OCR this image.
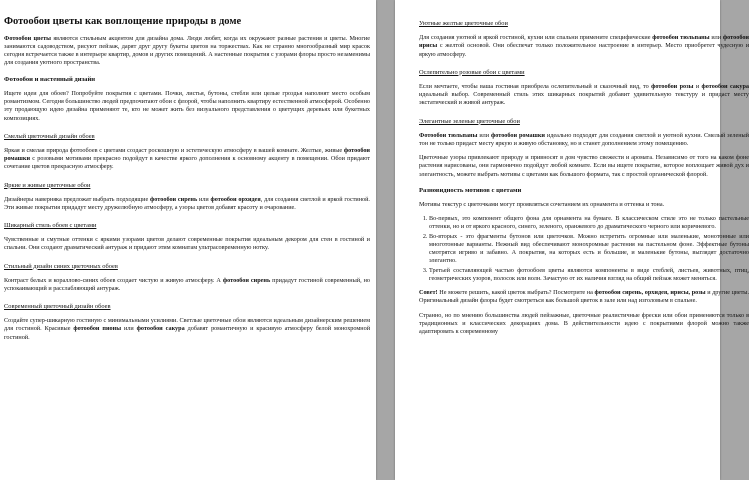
Фотообои цветы как воплощение природы в доме

Фотообои цветы являются стильным акцентом для дизайна дома. Люди любят, когда их окружают разные растения и цветы. Многие занимаются садоводством, рисуют пейзаж, дарят друг другу букеты цветов на торжествах. Как не странно многообразный мир красок сегодня встречается также в интерьере квартир, домов и других помещений. А настенные покрытия с узорами флоры просто незаменимы для создания уютного пространства.

Фотообои и настенный дизайн

Ищете идеи для обоев? Попробуйте покрытия с цветами. Почки, листья, бутоны, стебли или целые гроздья наполнят место особым романтизмом. Сегодня большинство людей предпочитают обои с флорой, чтобы наполнить квартиру естественной атмосферой. Особенно эту продающую идею дизайна применяют те, кто не может жить без визуального представления о цветущих деревьях или букетных композициях.

Смелый цветочный дизайн обоев

Яркая и смелая природа фотообоев с цветами создаст роскошную и эстетическую атмосферу в вашей комнате. Желтые, живые фотообои ромашки с розовыми мотивами прекрасно подойдут в качестве яркого дополнения к основному акценту в помещении. Обои придают сочетание цветов прекрасную атмосферу.

Яркие и живые цветочные обои

Дизайнеры наверняка предложат выбрать подходящие фотообои сирень или фотообои орхидея, для создания светлой и яркой гостиной. Эти живые покрытия придадут месту дружелюбную атмосферу, а узоры цветов добавят красоту и очарование.

Шикарный стиль обоев с цветами

Чувственные и смутные оттенки с яркими узорами цветов делают современные покрытия идеальным декором для стен в гостиной и спальни. Они создают драматический антураж и придают этим комнатам ультрасовременную нотку.

Стильный дизайн синих цветочных обоев

Контраст белых и кораллово-синих обоев создает чистую и живую атмосферу. А фотообои сирень придадут гостиной современный, но успокаивающий и расслабляющий антураж.

Современный цветочный дизайн обоев

Создайте супер-шикарную гостиную с минимальными усилиями. Светлые цветочные обои являются идеальным дизайнерским решением для гостиной. Красивые фотообои пионы или фотообои сакура добавят романтичную и красивую атмосферу белой монохромной гостиной.

Уютные желтые цветочные обои

Для создания уютной и яркой гостиной, кухни или спальни примените специфические фотообои тюльпаны или фотообои ирисы с желтой основой. Они обеспечат только положительное настроение в интерьер. Место приобретет чудесную и яркую атмосферу.

Ослепительно розовые обои с цветами

Если мечтаете, чтобы ваша гостиная приобрела ослепительный и сказочный вид, то фотообои розы и фотообои сакура идеальный выбор. Современный стиль этих шикарных покрытий добавит удивительную текстуру и придаст месту экстатический и живой антураж.

Элегантные зеленые цветочные обои

Фотообои тюльпаны или фотообои ромашки идеально подходят для создания светлой и уютной кухни. Смелый зеленый тон не только придаст месту яркую и живую обстановку, но и станет дополнением этому помещению.

Цветочные узоры привлекают природу и привносят в дом чувство свежести и аромата. Независимо от того на каком фоне растения нарисованы, они гармонично подойдут любой комнате. Если вы ищете покрытие, которое воплощает живой дух и элегантность, можете выбрать мотивы с цветами как большого формата, так с простой органической флорой.

Разновидность мотивов с цветами

Мотивы текстур с цветочками могут проявляться сочетанием их орнамента и оттенка и тона.

1. Во-первых, это компонент общего фона для орнамента на бумаге. В классическом стиле это не только пастельные оттенки, но и от яркого красного, синего, зеленого, оранжевого до драматического черного или коричневого.
2. Во-вторых - это фрагменты бутонов или цветочков. Можно встретить огромные или маленькие, монотонные или многотонные варианты. Нежный вид обеспечивают монохромные растения на пастельном фоне. Эффектные бутоны смотрятся игриво и забавно. А покрытия, на которых есть и большие, и маленькие бутоны, выглядят достаточно элегантно.
3. Третьей составляющей частью фотообоев цветы являются компоненты в виде стеблей, листьев, животных, птиц, геометрических узоров, полосок или волн. Зачастую от их наличия взгляд на общий пейзаж может меняться.

Совет! Не можете решить, какой цветок выбрать? Посмотрите на фотообои сирень, орхидея, ирисы, розы и другие цветы. Оригинальный дизайн флоры будет смотреться как большой цветок в зале или над изголовьем в спальне.

Странно, но по мнению большинства людей пейзажные, цветочные реалистичные фрески или обои применяются только в традиционных и классических декорациях дома. В действительности идею с покрытиями флорой можно также адаптировать к современному
